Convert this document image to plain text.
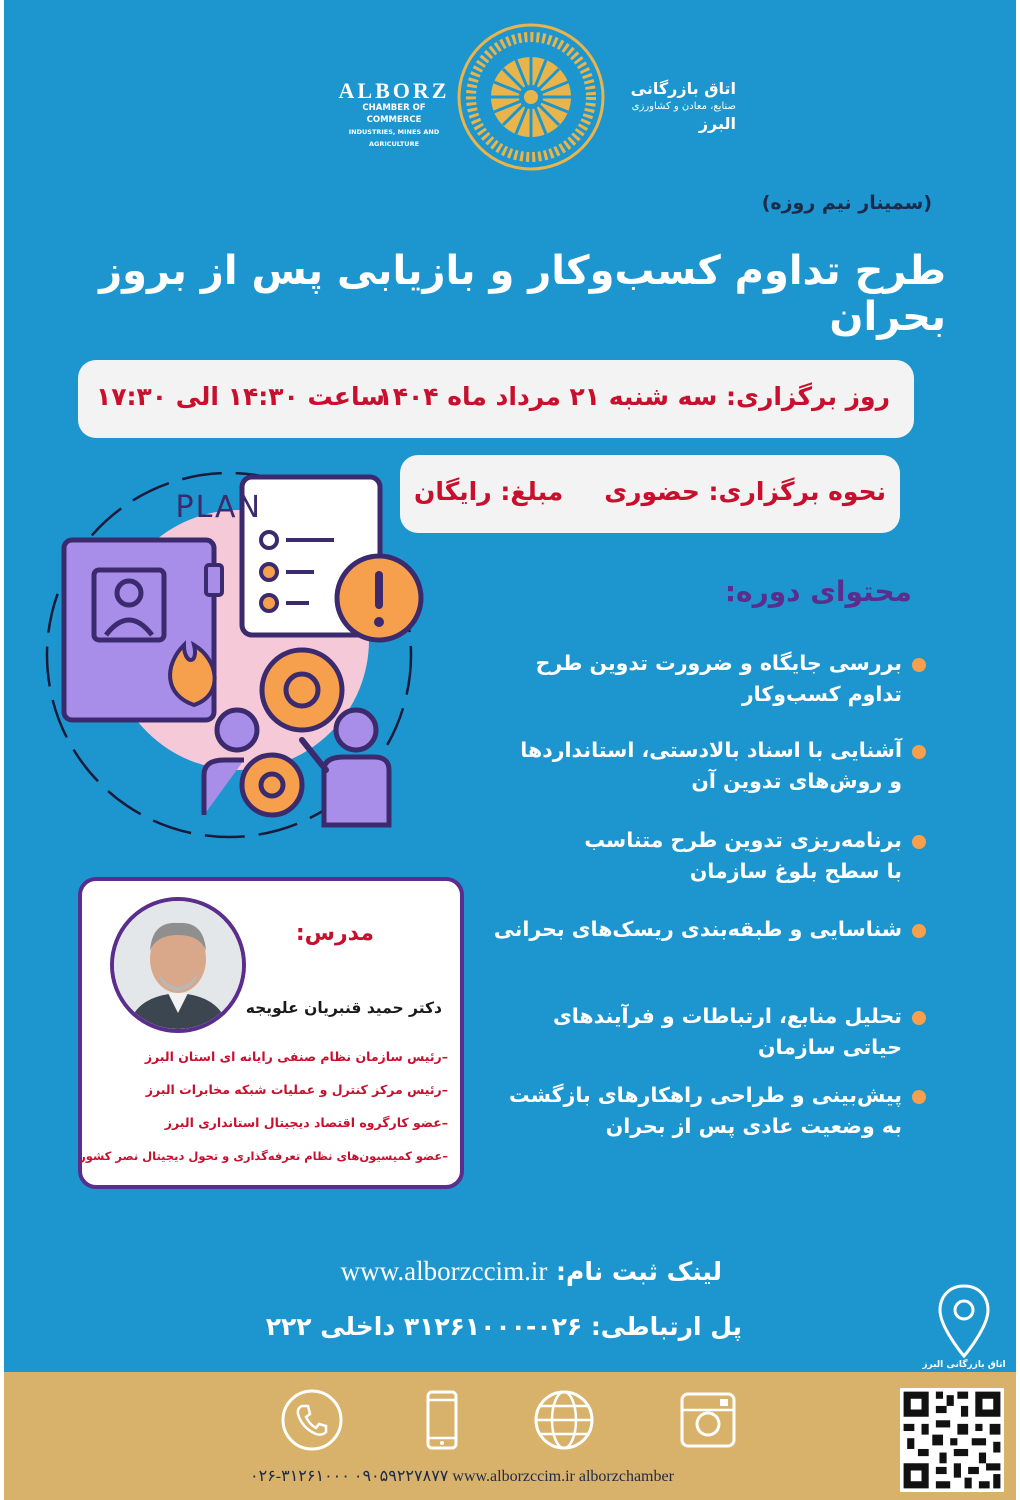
ALBORZ
CHAMBER OF COMMERCE
INDUSTRIES, MINES AND AGRICULTURE
اتاق بازرگانی
صنایع، معادن و کشاورزی
البرز
(سمینار نیم روزه)
طرح تداوم کسب‌وکار و بازیابی پس از بروز بحران
روز برگزاری: سه شنبه ۲۱ مرداد ماه ۱۴۰۴
ساعت ۱۴:۳۰ الی ۱۷:۳۰
نحوه برگزاری: حضوری
مبلغ: رایگان
PLAN
محتوای دوره:
بررسی جایگاه و ضرورت تدوین طرح
تداوم کسب‌وکار
آشنایی با اسناد بالادستی، استانداردها
و روش‌های تدوین آن
برنامه‌ریزی تدوین طرح متناسب
با سطح بلوغ سازمان
شناسایی و طبقه‌بندی ریسک‌های بحرانی
تحلیل منابع، ارتباطات و فرآیندهای
حیاتی سازمان
پیش‌بینی و طراحی راهکارهای بازگشت
به وضعیت عادی پس از بحران
مدرس:
دکتر حمید قنبریان علویجه
–رئیس سازمان نظام صنفی رایانه ای استان البرز
–رئیس مرکز کنترل و عملیات شبکه مخابرات البرز
–عضو کارگروه اقتصاد دیجیتال استانداری البرز
–عضو کمیسیون‌های نظام تعرفه‌گذاری و تحول دیجیتال نصر کشور
لینک ثبت نام: www.alborzccim.ir
پل ارتباطی: ۰۲۶-۳۱۲۶۱۰۰۰ داخلی ۲۲۲
اتاق بازرگانی البرز
۰۲۶-۳۱۲۶۱۰۰۰ ۰۹۰۵۹۲۲۷۸۷۷ www.alborzccim.ir alborzchamber
